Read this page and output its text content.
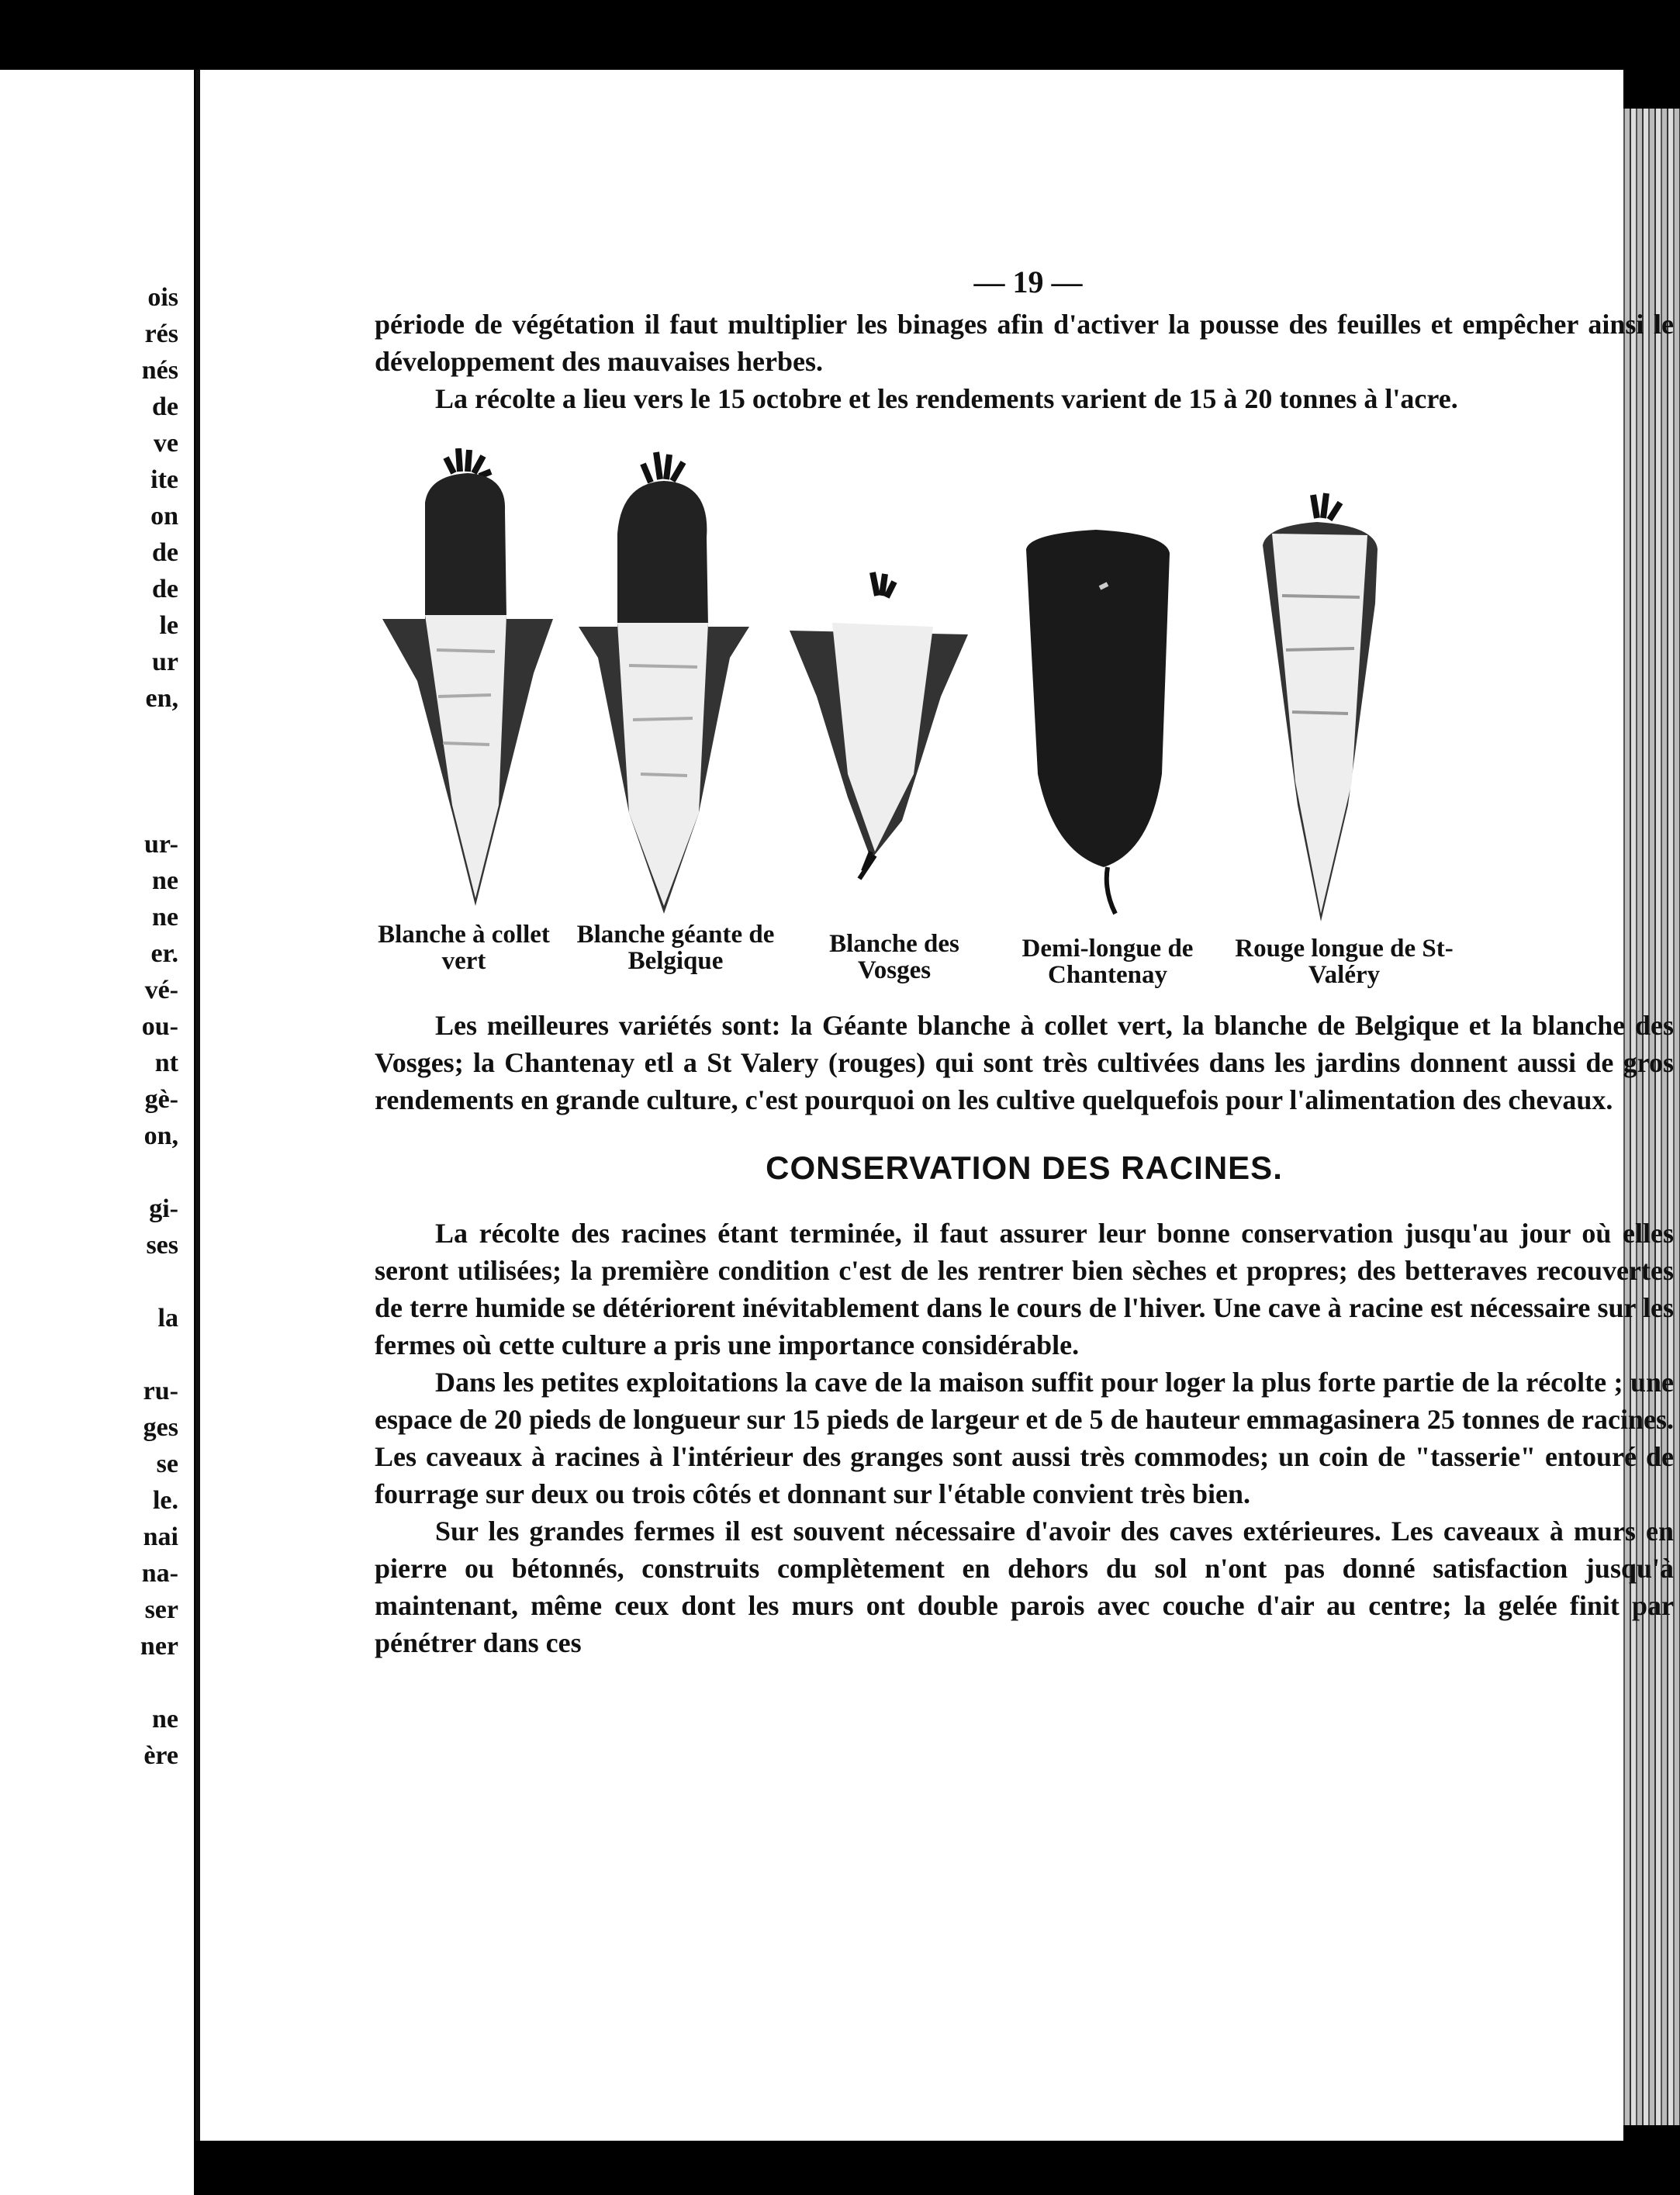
ois
rés
nés
de
ve
ite
on
de
de
le
ur
en,
ur-
ne
ne
er.
vé-
ou-
nt
gè-
on,
gi-
ses
la
ru-
ges
se
le.
nai
na-
ser
ner
ne
ère
— 19 —

période de végétation il faut multiplier les binages afin d'activer la pousse des feuilles et empêcher ainsi le développement des mauvaises herbes.

La récolte a lieu vers le 15 octobre et les rendements varient de 15 à 20 tonnes à l'acre.

Blanche à collet vert
Blanche géante de Belgique
Blanche des Vosges
Demi-longue de Chantenay
Rouge longue de St-Valéry

Les meilleures variétés sont: la Géante blanche à collet vert, la blanche de Belgique et la blanche des Vosges; la Chantenay etl a St Valery (rouges) qui sont très cultivées dans les jardins donnent aussi de gros rendements en grande culture, c'est pourquoi on les cultive quelquefois pour l'alimentation des chevaux.

CONSERVATION DES RACINES.

La récolte des racines étant terminée, il faut assurer leur bonne conservation jusqu'au jour où elles seront utilisées; la première condition c'est de les rentrer bien sèches et propres; des betteraves recouvertes de terre humide se détériorent inévitablement dans le cours de l'hiver. Une cave à racine est nécessaire sur les fermes où cette culture a pris une importance considérable.

Dans les petites exploitations la cave de la maison suffit pour loger la plus forte partie de la récolte ; une espace de 20 pieds de longueur sur 15 pieds de largeur et de 5 de hauteur emmagasinera 25 tonnes de racines. Les caveaux à racines à l'intérieur des granges sont aussi très commodes; un coin de "tasserie" entouré de fourrage sur deux ou trois côtés et donnant sur l'étable convient très bien.

Sur les grandes fermes il est souvent nécessaire d'avoir des caves extérieures. Les caveaux à murs en pierre ou bétonnés, construits complètement en dehors du sol n'ont pas donné satisfaction jusqu'à maintenant, même ceux dont les murs ont double parois avec couche d'air au centre; la gelée finit par pénétrer dans ces
